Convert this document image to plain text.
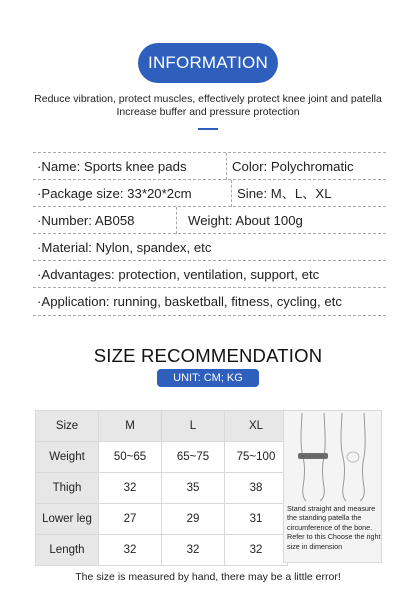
INFORMATION
Reduce vibration, protect muscles, effectively protect knee joint and patella
Increase buffer and pressure protection
·Name: Sports knee pads	Color: Polychromatic
·Package size: 33*20*2cm	Sine: M、L、XL
·Number: AB058	Weight: About 100g
·Material: Nylon, spandex, etc
·Advantages: protection, ventilation, support, etc
·Application: running, basketball, fitness, cycling, etc
SIZE RECOMMENDATION
UNIT: CM; KG
Size	M	L	XL
Weight	50~65	65~75	75~100
Thigh	32	35	38
Lower leg	27	29	31
Length	32	32	32
Stand straight and measure the standing patella the circumference of the bone. Refer to this Choose the right size in dimension
The size is measured by hand, there may be a little error!
